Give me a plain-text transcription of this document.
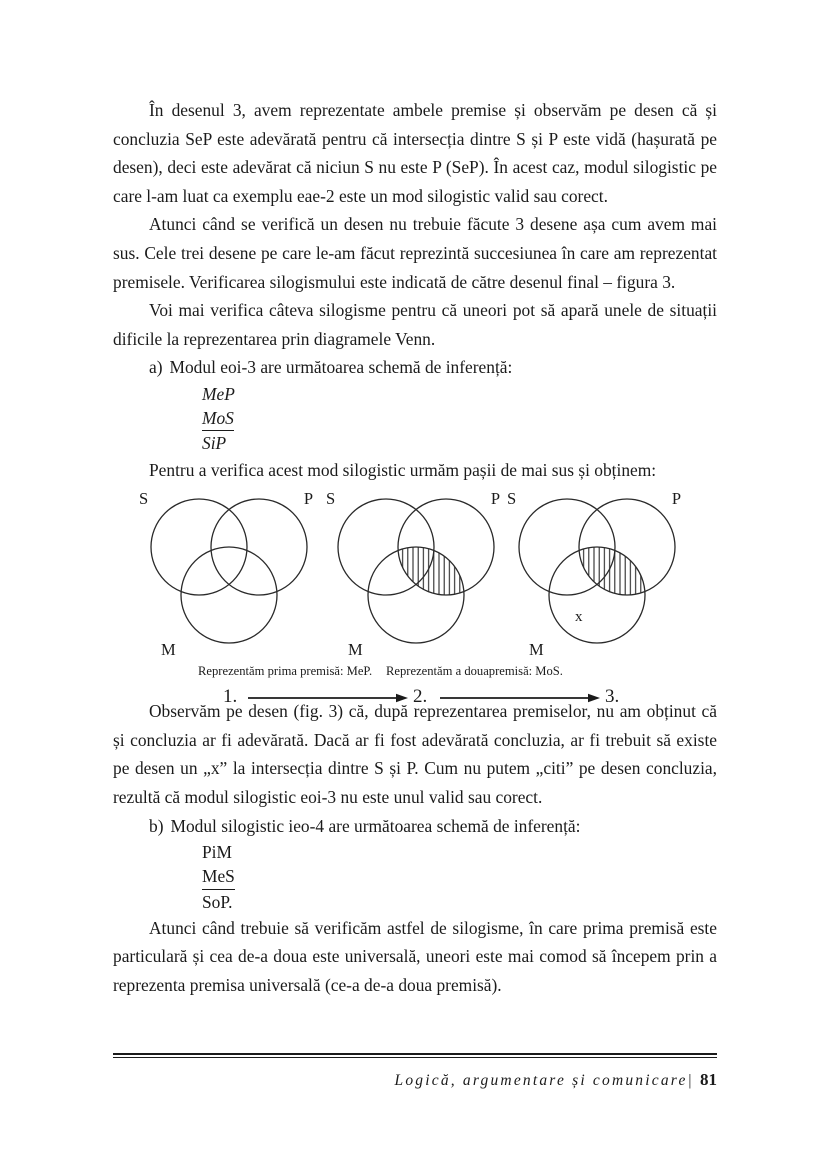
În desenul 3, avem reprezentate ambele premise și observăm pe desen că și concluzia SeP este adevărată pentru că intersecția dintre S și P este vidă (hașurată pe desen), deci este adevărat că niciun S nu este P (SeP). În acest caz, modul silogistic pe care l-am luat ca exemplu eae-2 este un mod silogistic valid sau corect.

Atunci când se verifică un desen nu trebuie făcute 3 desene așa cum avem mai sus. Cele trei desene pe care le-am făcut reprezintă succesiunea în care am reprezentat premisele. Verificarea silogismului este indicată de către desenul final – figura 3.

Voi mai verifica câteva silogisme pentru că uneori pot să apară unele de situații dificile la reprezentarea prin diagramele Venn.

a) Modul eoi-3 are următoarea schemă de inferență:

MeP
MoS
SiP

Pentru a verifica acest mod silogistic urmăm pașii de mai sus și obținem:

S	P
M
S	P
M
S	P
M
x
Reprezentăm prima premisă: MeP. Reprezentăm a douapremisă: MoS.
1.	2.	3.

Observăm pe desen (fig. 3) că, după reprezentarea premiselor, nu am obținut că și concluzia ar fi adevărată. Dacă ar fi fost adevărată concluzia, ar fi trebuit să existe pe desen un „x” la intersecția dintre S și P. Cum nu putem „citi” pe desen concluzia, rezultă că modul silogistic eoi-3 nu este unul valid sau corect.

b) Modul silogistic ieo-4 are următoarea schemă de inferență:

PiM
MeS
SoP.

Atunci când trebuie să verificăm astfel de silogisme, în care prima premisă este particulară și cea de-a doua este universală, uneori este mai comod să începem prin a reprezenta premisa universală (ce-a de-a doua premisă).

Logică, argumentare și comunicare| 81
